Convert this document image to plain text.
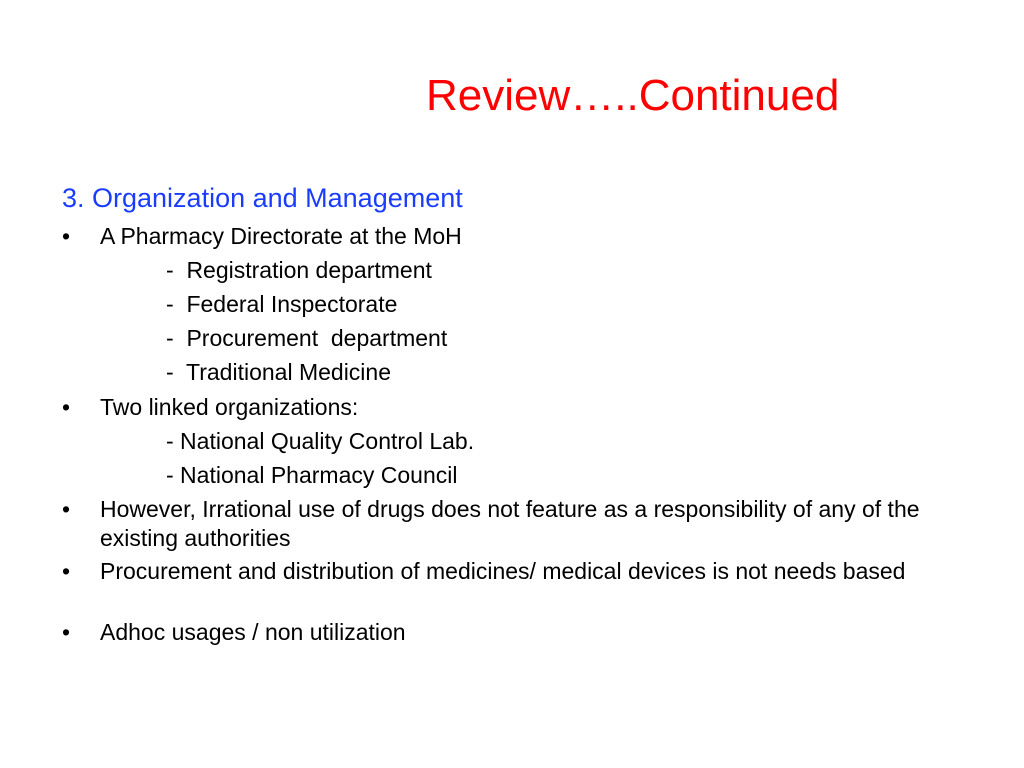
Review…..Continued
3. Organization and Management
• A Pharmacy Directorate at the MoH
-  Registration department
-  Federal Inspectorate
-  Procurement  department
-  Traditional Medicine
• Two linked organizations:
- National Quality Control Lab.
- National Pharmacy Council
• However, Irrational use of drugs does not feature as a responsibility of any of the existing authorities
• Procurement and distribution of medicines/ medical devices is not needs based
• Adhoc usages / non utilization
